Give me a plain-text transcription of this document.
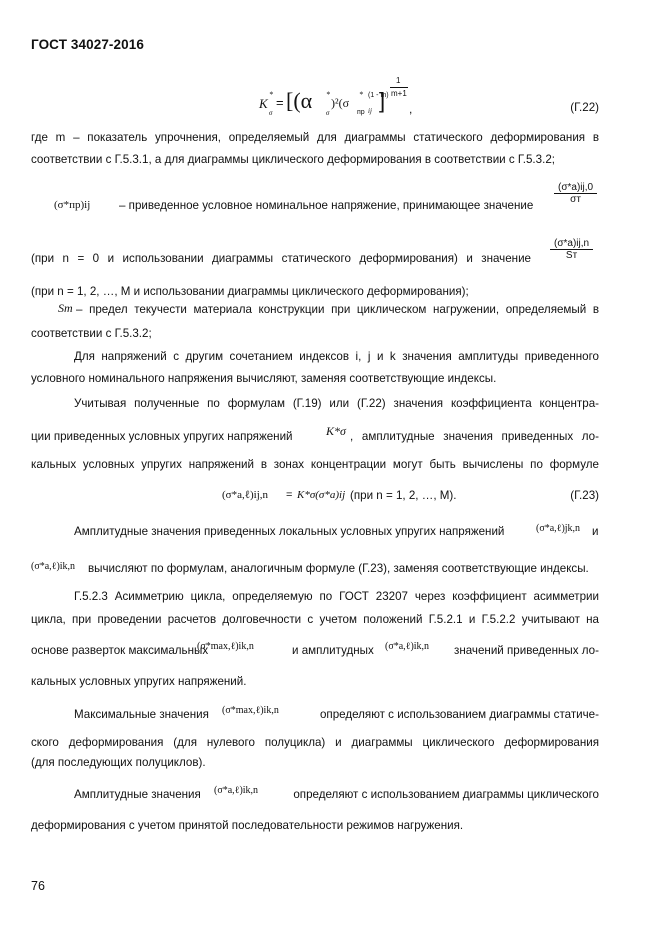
ГОСТ 34027-2016
K
*
σ
= [(α *
σ
)²(σ
*
пр ij
(1 - m)
]
1
m+1
,	(Г.22)
где m – показатель упрочнения, определяемый для диаграммы статического деформирования в
соответствии с Г.5.3.1, а для диаграммы циклического деформирования в соответствии с Г.5.3.2;
(σ*пр)ij – приведенное условное номинальное напряжение, принимающее значение
(σ*a)ij,0
σт
(при n = 0 и использовании диаграммы статического деформирования) и значение
(σ*a)ij,n
Sт
(при n = 1, 2, …, M и использовании диаграммы циклического деформирования);
Sт – предел текучести материала конструкции при циклическом нагружении, определяемый в
соответствии с Г.5.3.2;
Для напряжений с другим сочетанием индексов i, j и k значения амплитуды приведенного
условного номинального напряжения вычисляют, заменяя соответствующие индексы.
Учитывая полученные по формулам (Г.19) или (Г.22) значения коэффициента концентра-
ции приведенных условных упругих напряжений	K*σ , амплитудные значения приведенных ло-
кальных условных упругих напряжений в зонах концентрации могут быть вычислены по формуле
(σ*a,ℓ)ij,n = K*σ(σ*a)ij (при n = 1, 2, …, M).	(Г.23)
Амплитудные значения приведенных локальных условных упругих напряжений	(σ*a,ℓ)jk,n и
(σ*a,ℓ)ik,n вычисляют по формулам, аналогичным формуле (Г.23), заменяя соответствующие индексы.
Г.5.2.3 Асимметрию цикла, определяемую по ГОСТ 23207 через коэффициент асимметрии
цикла, при проведении расчетов долговечности с учетом положений Г.5.2.1 и Г.5.2.2 учитывают на
основе разверток максимальных
(σ*max,ℓ)ik,n	и амплитудных (σ*a,ℓ)ik,n	значений приведенных ло-
кальных условных упругих напряжений.
Максимальные значения	(σ*max,ℓ)ik,n	определяют с использованием диаграммы статиче-
ского деформирования (для нулевого полуцикла) и диаграммы циклического деформирования
(для последующих полуциклов).
Амплитудные значения	(σ*a,ℓ)ik,n	определяют с использованием диаграммы циклического
деформирования с учетом принятой последовательности режимов нагружения.
76
